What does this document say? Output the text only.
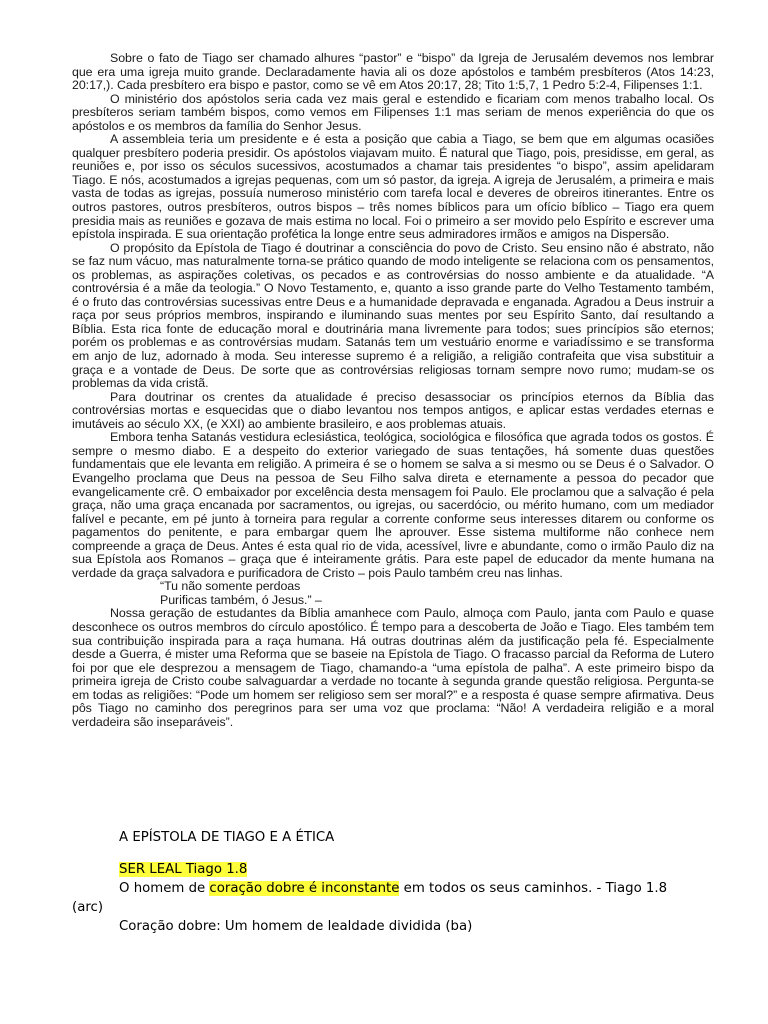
Sobre o fato de Tiago ser chamado alhures “pastor” e “bispo” da Igreja de Jerusalém devemos nos lembrar que era uma igreja muito grande. Declaradamente havia ali os doze apóstolos e também presbíteros (Atos 14:23, 20:17,). Cada presbítero era bispo e pastor, como se vê em Atos 20:17, 28; Tito 1:5,7, 1 Pedro 5:2-4, Filipenses 1:1.

O ministério dos apóstolos seria cada vez mais geral e estendido e ficariam com menos trabalho local. Os presbíteros seriam também bispos, como vemos em Filipenses 1:1 mas seriam de menos experiência do que os apóstolos e os membros da família do Senhor Jesus.

A assembleia teria um presidente e é esta a posição que cabia a Tiago, se bem que em algumas ocasiões qualquer presbítero poderia presidir. Os apóstolos viajavam muito. É natural que Tiago, pois, presidisse, em geral, as reuniões e, por isso os séculos sucessivos, acostumados a chamar tais presidentes “o bispo”, assim apelidaram Tiago. E nós, acostumados a igrejas pequenas, com um só pastor, da igreja. A igreja de Jerusalém, a primeira e mais vasta de todas as igrejas, possuía numeroso ministério com tarefa local e deveres de obreiros itinerantes. Entre os outros pastores, outros presbíteros, outros bispos – três nomes bíblicos para um ofício bíblico – Tiago era quem presidia mais as reuniões e gozava de mais estima no local. Foi o primeiro a ser movido pelo Espírito e escrever uma epístola inspirada. E sua orientação profética la longe entre seus admiradores irmãos e amigos na Dispersão.

O propósito da Epístola de Tiago é doutrinar a consciência do povo de Cristo. Seu ensino não é abstrato, não se faz num vácuo, mas naturalmente torna-se prático quando de modo inteligente se relaciona com os pensamentos, os problemas, as aspirações coletivas, os pecados e as controvérsias do nosso ambiente e da atualidade. “A controvérsia é a mãe da teologia.” O Novo Testamento, e, quanto a isso grande parte do Velho Testamento também, é o fruto das controvérsias sucessivas entre Deus e a humanidade depravada e enganada. Agradou a Deus instruir a raça por seus próprios membros, inspirando e iluminando suas mentes por seu Espírito Santo, daí resultando a Bíblia. Esta rica fonte de educação moral e doutrinária mana livremente para todos; sues princípios são eternos; porém os problemas e as controvérsias mudam. Satanás tem um vestuário enorme e variadíssimo e se transforma em anjo de luz, adornado à moda. Seu interesse supremo é a religião, a religião contrafeita que visa substituir a graça e a vontade de Deus. De sorte que as controvérsias religiosas tornam sempre novo rumo; mudam-se os problemas da vida cristã.

Para doutrinar os crentes da atualidade é preciso desassociar os princípios eternos da Bíblia das controvérsias mortas e esquecidas que o diabo levantou nos tempos antigos, e aplicar estas verdades eternas e imutáveis ao século XX, (e XXI) ao ambiente brasileiro, e aos problemas atuais.

Embora tenha Satanás vestidura eclesiástica, teológica, sociológica e filosófica que agrada todos os gostos. É sempre o mesmo diabo. E a despeito do exterior variegado de suas tentações, há somente duas questões fundamentais que ele levanta em religião. A primeira é se o homem se salva a si mesmo ou se Deus é o Salvador. O Evangelho proclama que Deus na pessoa de Seu Filho salva direta e eternamente a pessoa do pecador que evangelicamente crê. O embaixador por excelência desta mensagem foi Paulo. Ele proclamou que a salvação é pela graça, não uma graça encanada por sacramentos, ou igrejas, ou sacerdócio, ou mérito humano, com um mediador falível e pecante, em pé junto à torneira para regular a corrente conforme seus interesses ditarem ou conforme os pagamentos do penitente, e para embargar quem lhe aprouver. Esse sistema multiforme não conhece nem compreende a graça de Deus. Antes é esta qual rio de vida, acessível, livre e abundante, como o irmão Paulo diz na sua Epístola aos Romanos – graça que é inteiramente grátis. Para este papel de educador da mente humana na verdade da graça salvadora e purificadora de Cristo – pois Paulo também creu nas linhas.

“Tu não somente perdoas
Purificas também, ó Jesus.” –

Nossa geração de estudantes da Bíblia amanhece com Paulo, almoça com Paulo, janta com Paulo e quase desconhece os outros membros do círculo apostólico. É tempo para a descoberta de João e Tiago. Eles também tem sua contribuição inspirada para a raça humana. Há outras doutrinas além da justificação pela fé. Especialmente desde a Guerra, é mister uma Reforma que se baseie na Epístola de Tiago. O fracasso parcial da Reforma de Lutero foi por que ele desprezou a mensagem de Tiago, chamando-a “uma epístola de palha”. A este primeiro bispo da primeira igreja de Cristo coube salvaguardar a verdade no tocante à segunda grande questão religiosa. Pergunta-se em todas as religiões: “Pode um homem ser religioso sem ser moral?” e a resposta é quase sempre afirmativa. Deus pôs Tiago no caminho dos peregrinos para ser uma voz que proclama: “Não! A verdadeira religião e a moral verdadeira são inseparáveis”.

A EPÍSTOLA DE TIAGO E A ÉTICA
SER LEAL Tiago 1.8
O homem de coração dobre é inconstante em todos os seus caminhos. - Tiago 1.8
(arc)
Coração dobre: Um homem de lealdade dividida (ba)
